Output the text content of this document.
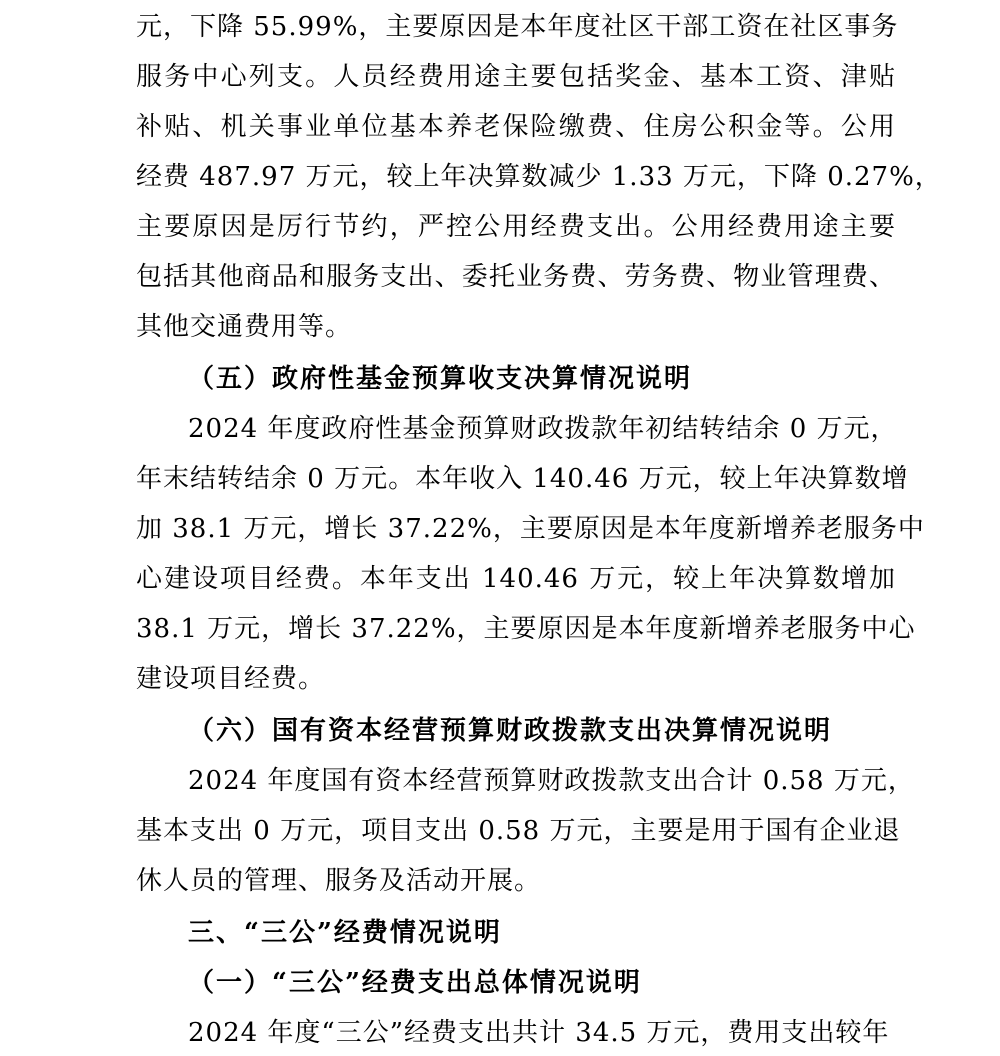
元，下降 55.99%，主要原因是本年度社区干部工资在社区事务
服务中心列支。人员经费用途主要包括奖金、基本工资、津贴
补贴、机关事业单位基本养老保险缴费、住房公积金等。公用
经费 487.97 万元，较上年决算数减少 1.33 万元，下降 0.27%，
主要原因是厉行节约，严控公用经费支出。公用经费用途主要
包括其他商品和服务支出、委托业务费、劳务费、物业管理费、
其他交通费用等。
（五）政府性基金预算收支决算情况说明
2024 年度政府性基金预算财政拨款年初结转结余 0 万元，
年末结转结余 0 万元。本年收入 140.46 万元，较上年决算数增
加 38.1 万元，增长 37.22%，主要原因是本年度新增养老服务中
心建设项目经费。本年支出 140.46 万元，较上年决算数增加
38.1 万元，增长 37.22%，主要原因是本年度新增养老服务中心
建设项目经费。
（六）国有资本经营预算财政拨款支出决算情况说明
2024 年度国有资本经营预算财政拨款支出合计 0.58 万元，
基本支出 0 万元，项目支出 0.58 万元，主要是用于国有企业退
休人员的管理、服务及活动开展。
三、“三公”经费情况说明
（一）“三公”经费支出总体情况说明
2024 年度“三公”经费支出共计 34.5 万元，费用支出较年
